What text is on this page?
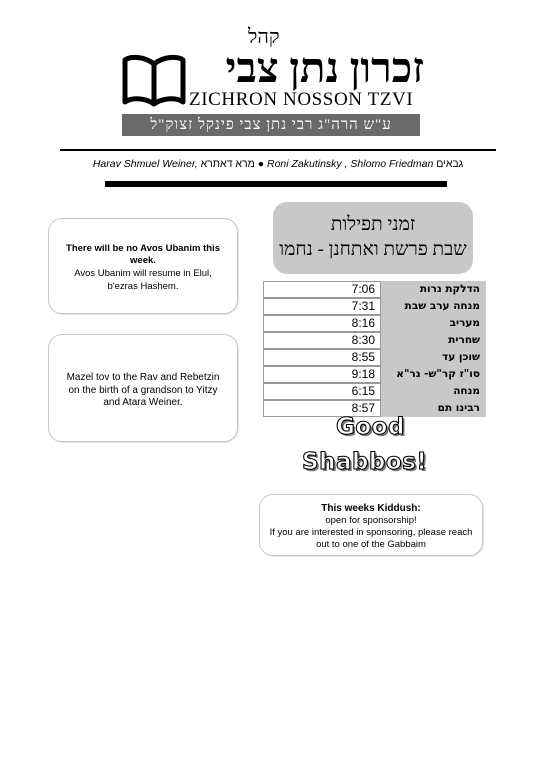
קהל
זכרון נתן צבי
ZICHRON NOSSON TZVI
ע"ש הרה"ג רבי נתן צבי פינקל זצוק"ל
Harav Shmuel Weiner, מרא דאתרא ● Roni Zakutinsky , Shlomo Friedman גבאים
There will be no Avos Ubanim this week.
Avos Ubanim will resume in Elul, b'ezras Hashem.
Mazel tov to the Rav and Rebetzin on the birth of a grandson to Yitzy and Atara Weiner.
זמני תפילות
שבת פרשת ואתחנן - נחמו
7:06	הדלקת נרות
7:31	מנחה ערב שבת
8:16	מעריב
8:30	שחרית
8:55	שוכן עד
9:18	סו"ז קר"ש- גר"א
6:15	מנחה
8:57	רבינו תם
Good
Shabbos!
This weeks Kiddush:
open for sponsorship!
If you are interested in sponsoring, please reach out to one of the Gabbaim
